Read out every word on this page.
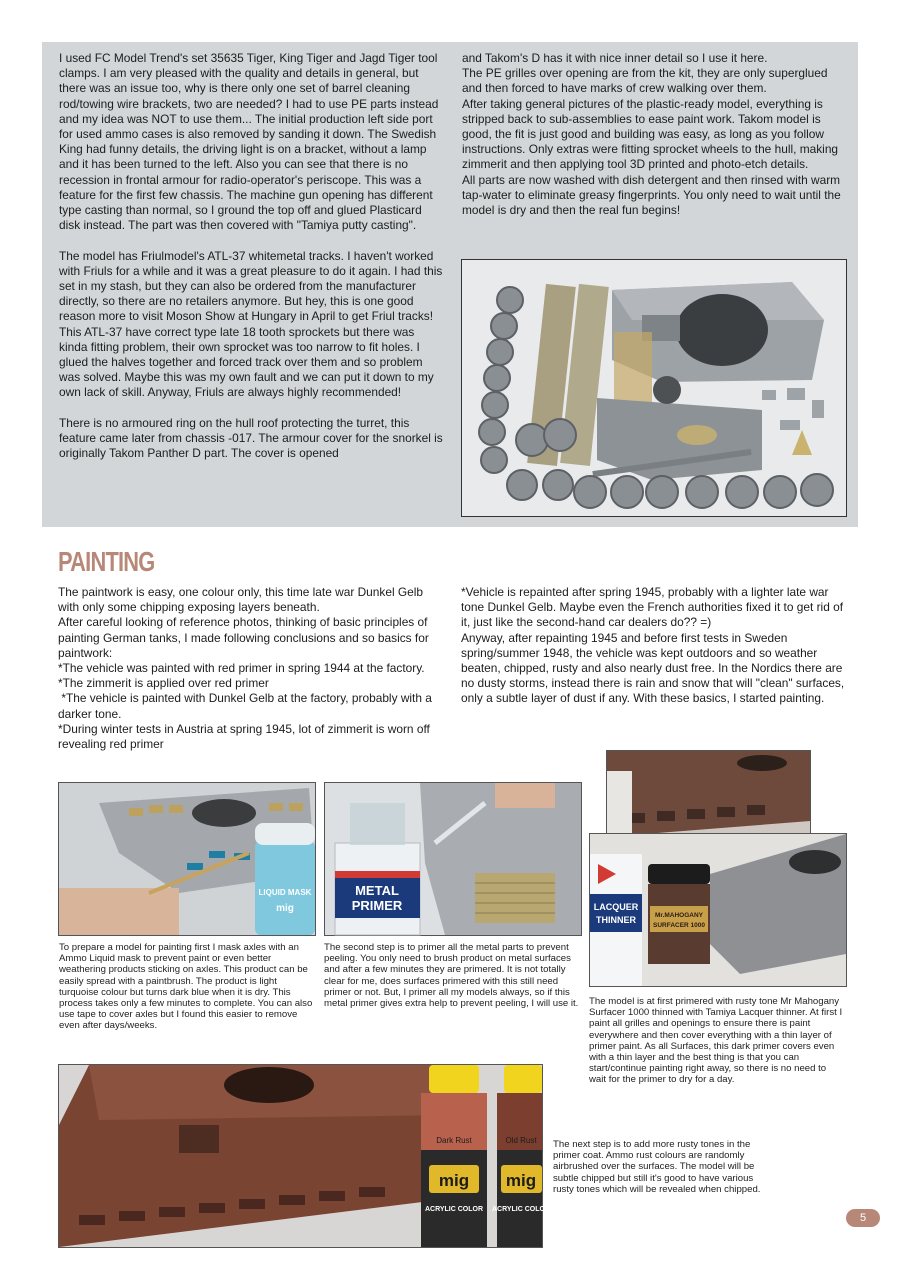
I used FC Model Trend's set 35635 Tiger, King Tiger and Jagd Tiger tool clamps. I am very pleased with the quality and details in general, but there was an issue too, why is there only one set of barrel cleaning rod/towing wire brackets, two are needed? I had to use PE parts instead and my idea was NOT to use them... The initial production left side port for used ammo cases is also removed by sanding it down. The Swedish King had funny details, the driving light is on a bracket, without a lamp and it has been turned to the left. Also you can see that there is no recession in frontal armour for radio-operator's periscope. This was a feature for the first few chassis. The machine gun opening has different type casting than normal, so I ground the top off and glued Plasticard disk instead. The part was then covered with "Tamiya putty casting".

The model has Friulmodel's ATL-37 whitemetal tracks. I haven't worked with Friuls for a while and it was a great pleasure to do it again. I had this set in my stash, but they can also be ordered from the manufacturer directly, so there are no retailers anymore. But hey, this is one good reason more to visit Moson Show at Hungary in April to get Friul tracks!

This ATL-37 have correct type late 18 tooth sprockets but there was kinda fitting problem, their own sprocket was too narrow to fit holes. I glued the halves together and forced track over them and so problem was solved. Maybe this was my own fault and we can put it down to my own lack of skill. Anyway, Friuls are always highly recommended!

There is no armoured ring on the hull roof protecting the turret, this feature came later from chassis -017. The armour cover for the snorkel is originally Takom Panther D part. The cover is opened

and Takom's D has it with nice inner detail so I use it here.

The PE grilles over opening are from the kit, they are only superglued and then forced to have marks of crew walking over them.

After taking general pictures of the plastic-ready model, everything is stripped back to sub-assemblies to ease paint work. Takom model is good, the fit is just good and building was easy, as long as you follow instructions. Only extras were fitting sprocket wheels to the hull, making zimmerit and then applying tool 3D printed and photo-etch details.

All parts are now washed with dish detergent and then rinsed with warm tap-water to eliminate greasy fingerprints. You only need to wait until the model is dry and then the real fun begins!

PAINTING

The paintwork is easy, one colour only, this time late war Dunkel Gelb with only some chipping exposing layers beneath.

After careful looking of reference photos, thinking of basic principles of painting German tanks, I made following conclusions and so basics for paintwork:

*The vehicle was painted with red primer in spring 1944 at the factory.

*The zimmerit is applied over red primer

*The vehicle is painted with Dunkel Gelb at the factory, probably with a darker tone.

*During winter tests in Austria at spring 1945, lot of zimmerit is worn off revealing red primer

*Vehicle is repainted after spring 1945, probably with a lighter late war tone Dunkel Gelb. Maybe even the French authorities fixed it to get rid of it, just like the second-hand car dealers do?? =)

Anyway, after repainting 1945 and before first tests in Sweden spring/summer 1948, the vehicle was kept outdoors and so weather beaten, chipped, rusty and also nearly dust free. In the Nordics there are no dusty storms, instead there is rain and snow that will "clean" surfaces, only a subtle layer of dust if any. With these basics, I started painting.

LIQUID MASK
mig
METAL
PRIMER	LACQUER
THINNER	Mr.MAHOGANY
SURFACER 1000
To prepare a model for painting first I mask axles with an Ammo Liquid mask to prevent paint or even better weathering products sticking on axles. This product can be easily spread with a paintbrush. The product is light turquoise colour but turns dark blue when it is dry. This process takes only a few minutes to complete. You can also use tape to cover axles but I found this easier to remove even after days/weeks.
The second step is to primer all the metal parts to prevent peeling. You only need to brush product on metal surfaces and after a few minutes they are primered. It is not totally clear for me, does surfaces primered with this still need primer or not. But, I primer all my models always, so if this metal primer gives extra help to prevent peeling, I will use it. The model is at first primered with rusty tone Mr Mahogany Surfacer 1000 thinned with Tamiya Lacquer thinner. At first I paint all grilles and openings to ensure there is paint everywhere and then cover everything with a thin layer of primer paint. As all Surfaces, this dark primer covers even with a thin layer and the best thing is that you can start/continue painting right away, so there is no need to wait for the primer to dry for a day.
Dark Rust
mig
ACRYLIC COLOR
Old Rust
mig
ACRYLIC COLOR
The next step is to add more rusty tones in the primer coat. Ammo rust colours are randomly airbrushed over the surfaces. The model will be subtle chipped but still it's good to have various rusty tones which will be revealed when chipped.
5
